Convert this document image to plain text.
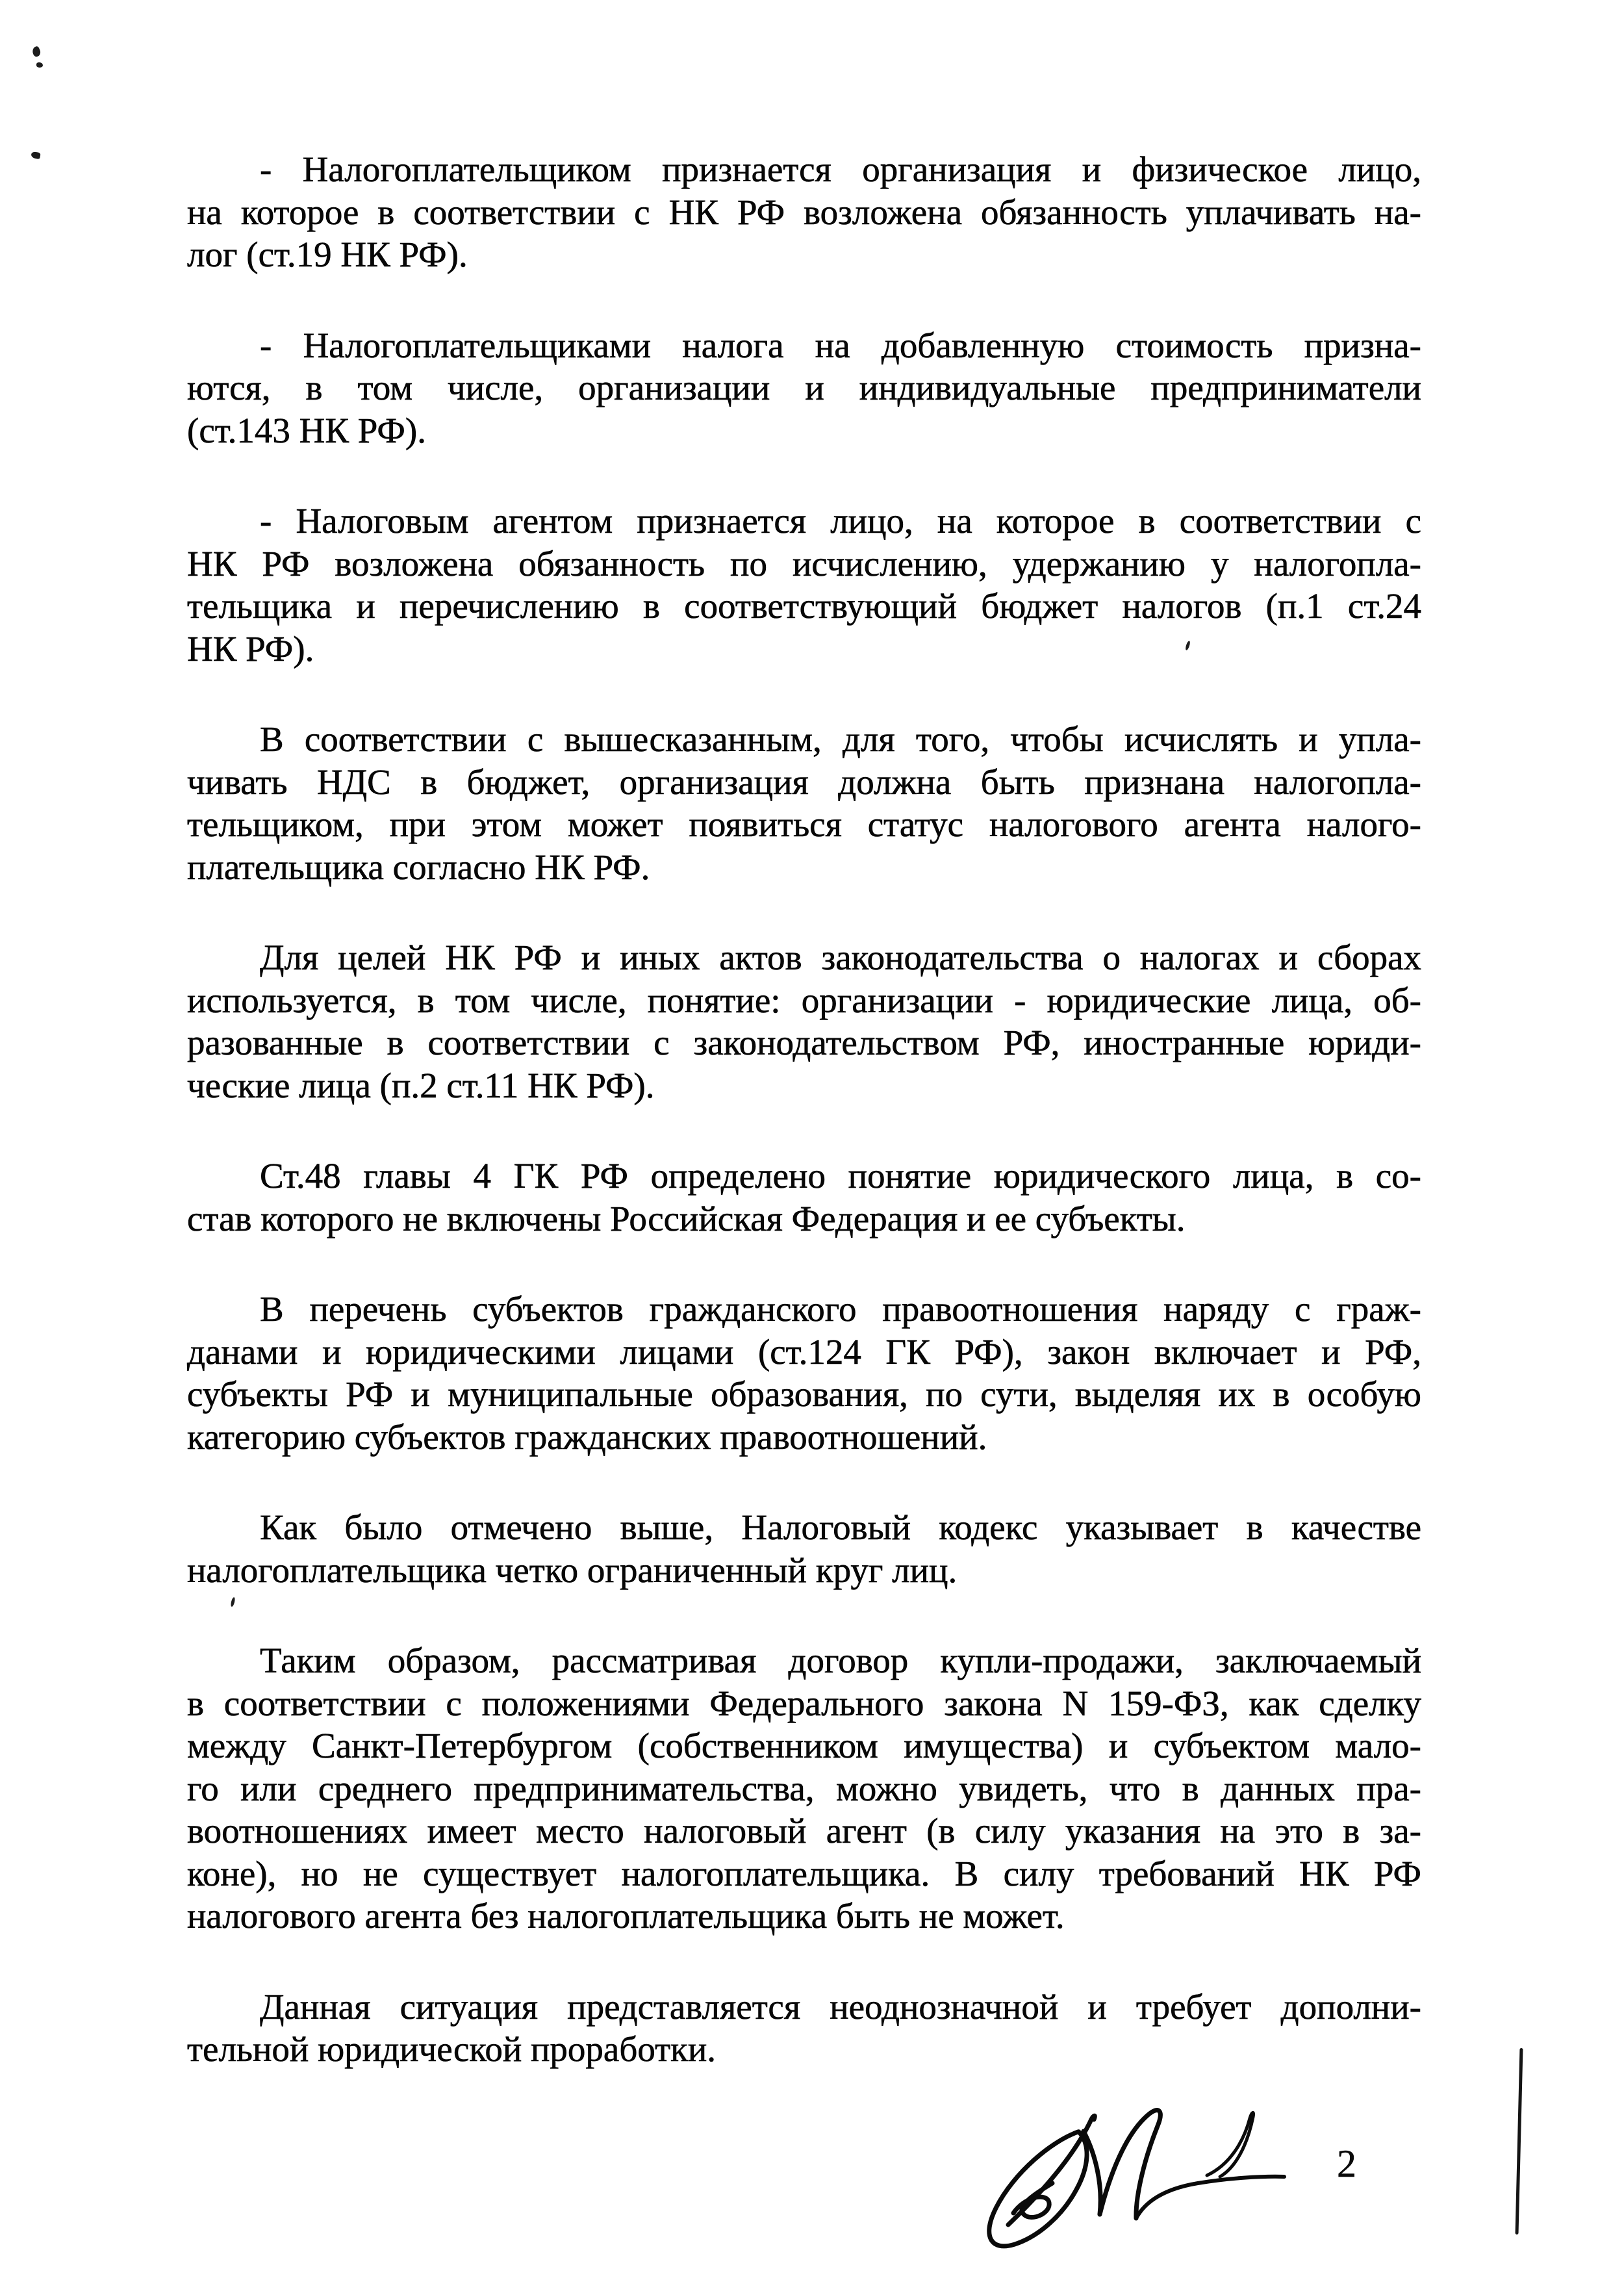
- Налогоплательщиком признается организация и физическое лицо,
на которое в соответствии с НК РФ возложена обязанность уплачивать на-
лог (ст.19 НК РФ).
- Налогоплательщиками налога на добавленную стоимость призна-
ются, в том числе, организации и индивидуальные предприниматели
(ст.143 НК РФ).
- Налоговым агентом признается лицо, на которое в соответствии с
НК РФ возложена обязанность по исчислению, удержанию у налогопла-
тельщика и перечислению в соответствующий бюджет налогов (п.1 ст.24
НК РФ).
В соответствии с вышесказанным, для того, чтобы исчислять и упла-
чивать НДС в бюджет, организация должна быть признана налогопла-
тельщиком, при этом может появиться статус налогового агента налого-
плательщика согласно НК РФ.
Для целей НК РФ и иных актов законодательства о налогах и сборах
используется, в том числе, понятие: организации - юридические лица, об-
разованные в соответствии с законодательством РФ, иностранные юриди-
ческие лица (п.2 ст.11 НК РФ).
Ст.48 главы 4 ГК РФ определено понятие юридического лица, в со-
став которого не включены Российская Федерация и ее субъекты.
В перечень субъектов гражданского правоотношения наряду с граж-
данами и юридическими лицами (ст.124 ГК РФ), закон включает и РФ,
субъекты РФ и муниципальные образования, по сути, выделяя их в особую
категорию субъектов гражданских правоотношений.
Как было отмечено выше, Налоговый кодекс указывает в качестве
налогоплательщика четко ограниченный круг лиц.
Таким образом, рассматривая договор купли-продажи, заключаемый
в соответствии с положениями Федерального закона N 159-ФЗ, как сделку
между Санкт-Петербургом (собственником имущества) и субъектом мало-
го или среднего предпринимательства, можно увидеть, что в данных пра-
воотношениях имеет место налоговый агент (в силу указания на это в за-
коне), но не существует налогоплательщика. В силу требований НК РФ
налогового агента без налогоплательщика быть не может.
Данная ситуация представляется неоднозначной и требует дополни-
тельной юридической проработки.
2
